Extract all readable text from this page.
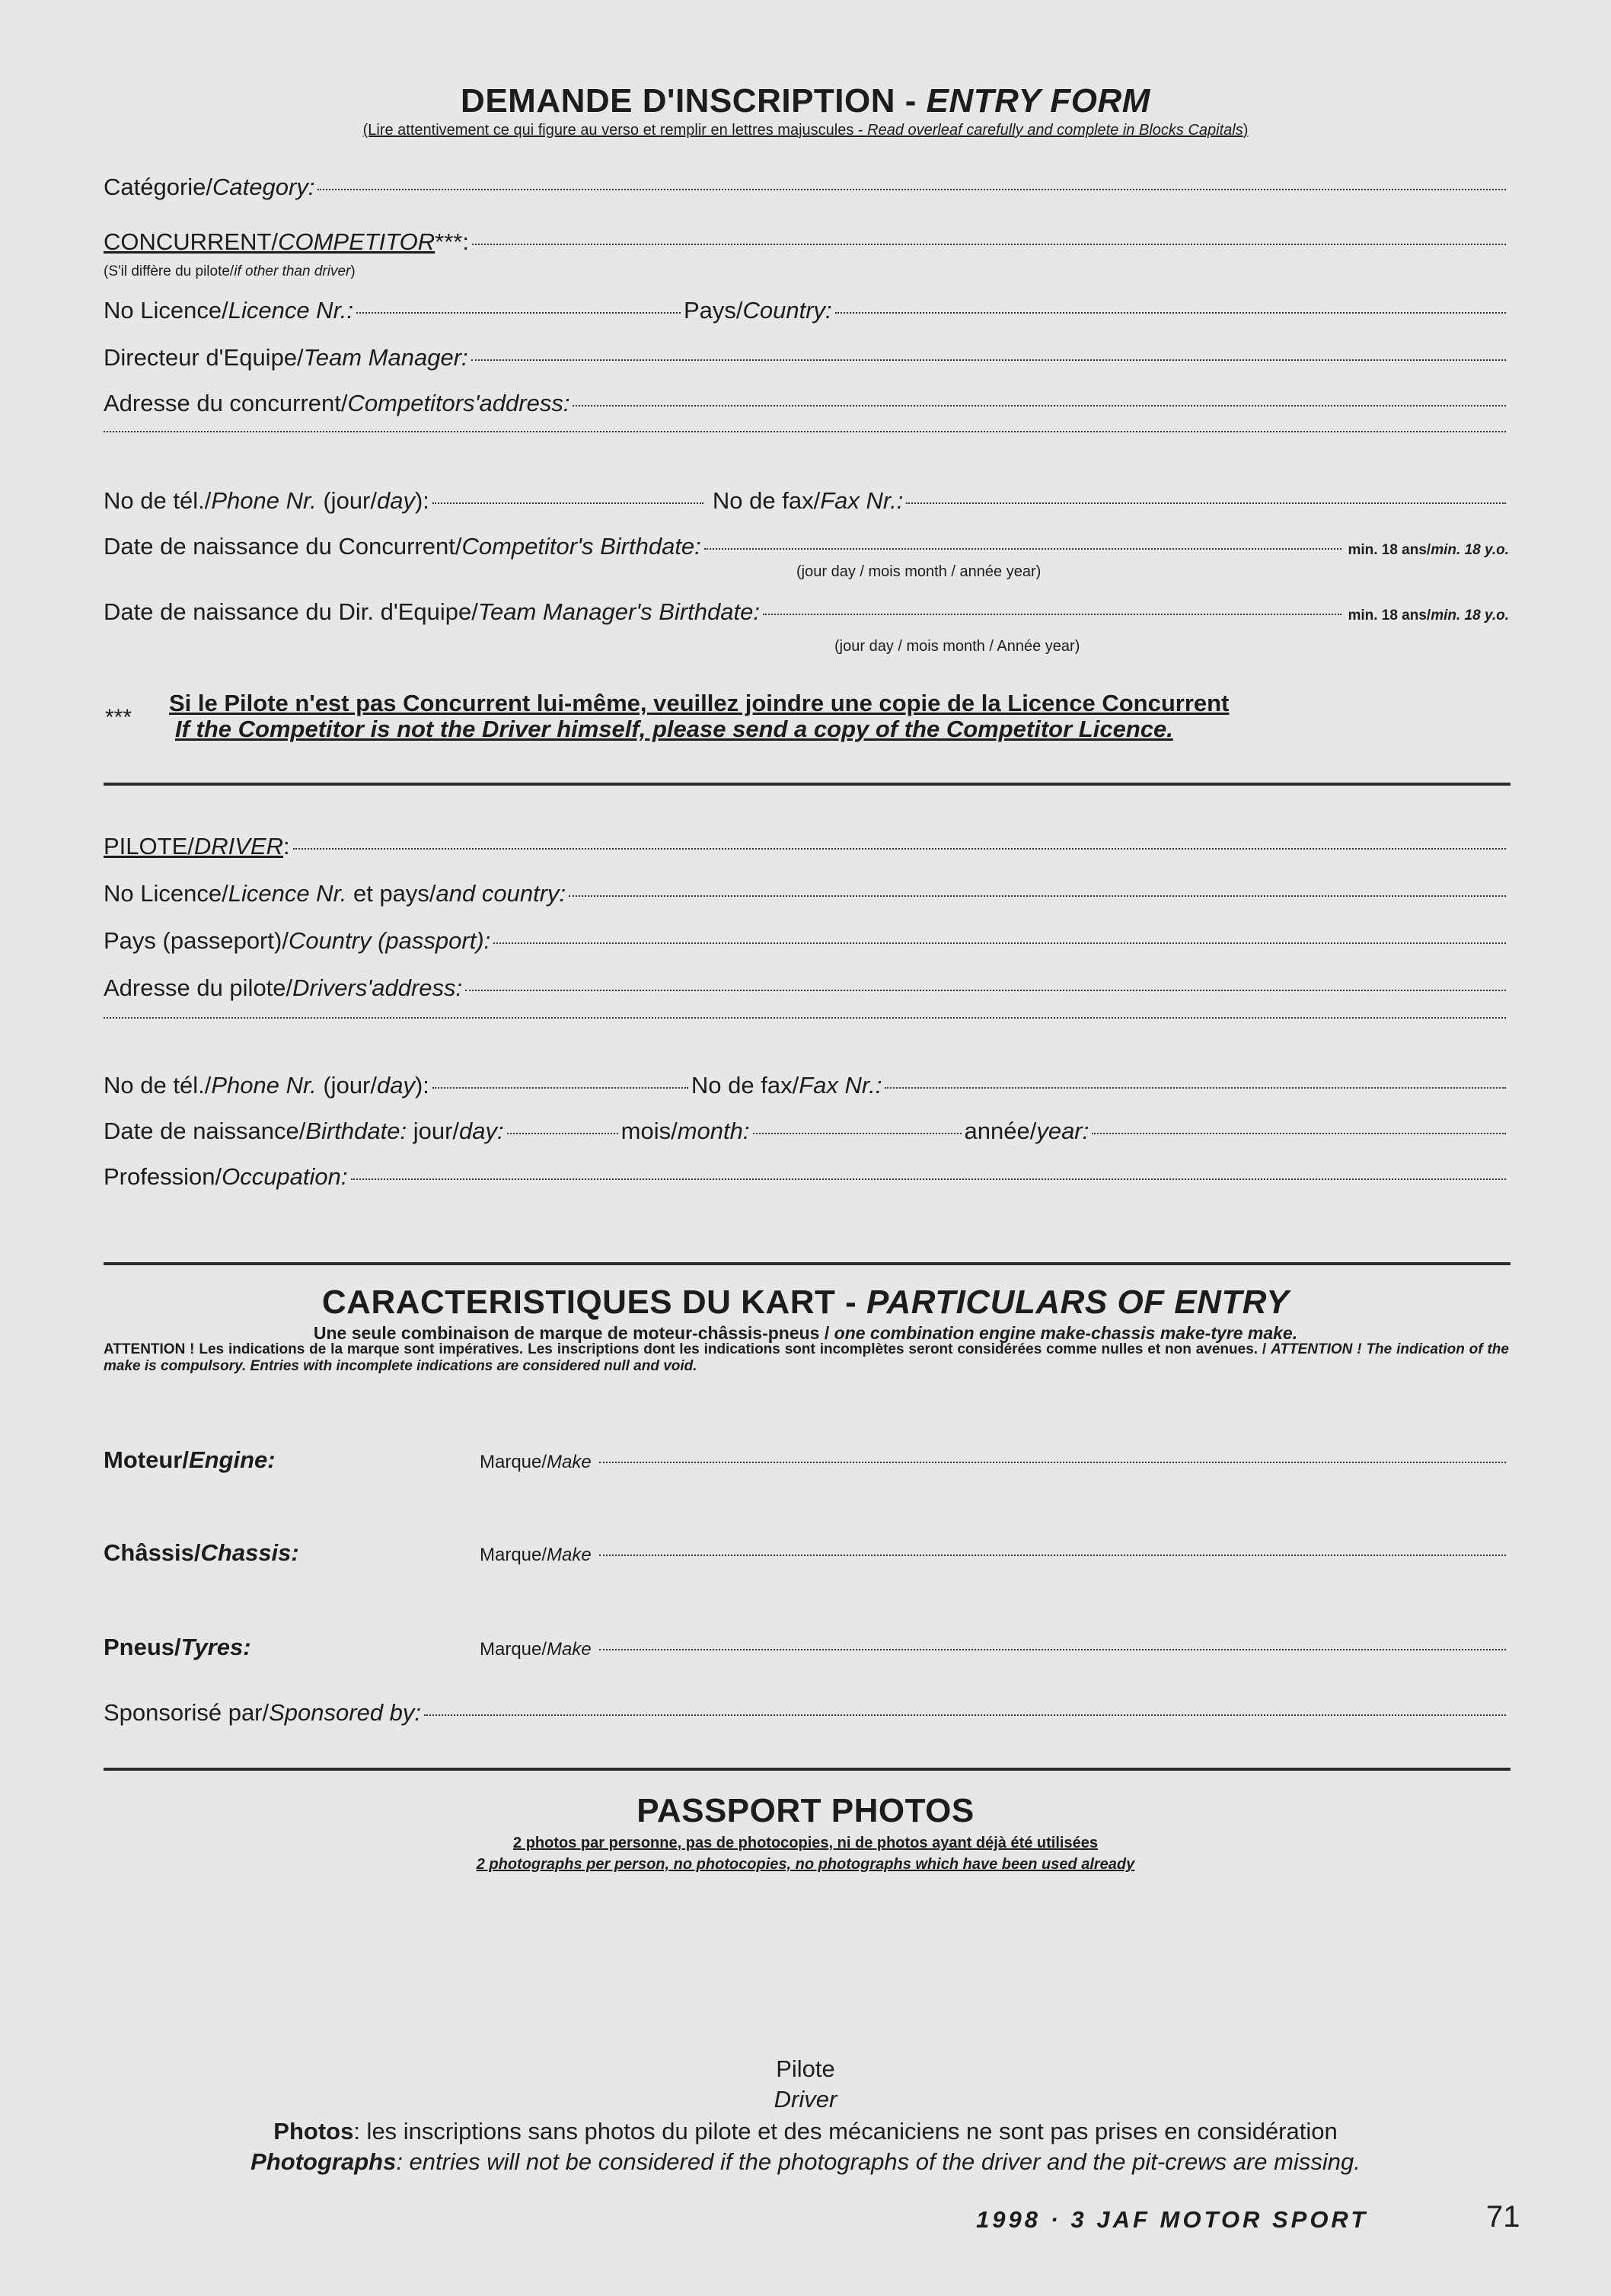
DEMANDE D'INSCRIPTION - ENTRY FORM
(Lire attentivement ce qui figure au verso et remplir en lettres majuscules - Read overleaf carefully and complete in Blocks Capitals)
Catégorie/Category:
CONCURRENT/COMPETITOR ***:
(S'il diffère du pilote/if other than driver)
No Licence/Licence Nr.:	Pays/Country:
Directeur d'Equipe/Team Manager:
Adresse du concurrent/Competitors'address:
No de tél./Phone Nr. (jour/day):	No de fax/Fax Nr.:
Date de naissance du Concurrent/Competitor's Birthdate:	min. 18 ans/min. 18 y.o.
(jour day / mois month / année year)
Date de naissance du Dir. d'Equipe/Team Manager's Birthdate:	min. 18 ans/min. 18 y.o.
(jour day / mois month / Année year)
***
Si le Pilote n'est pas Concurrent lui-même, veuillez joindre une copie de la Licence Concurrent
If the Competitor is not the Driver himself, please send a copy of the Competitor Licence.
PILOTE/DRIVER :
No Licence/Licence Nr. et pays/and country:
Pays (passeport)/Country (passport):
Adresse du pilote/Drivers'address:
No de tél./Phone Nr. (jour/day):	No de fax/Fax Nr.:
Date de naissance/Birthdate: jour/day:	mois/month:	année/year:
Profession/Occupation:
CARACTERISTIQUES DU KART - PARTICULARS OF ENTRY
Une seule combinaison de marque de moteur-châssis-pneus / one combination engine make-chassis make-tyre make.
ATTENTION ! Les indications de la marque sont impératives. Les inscriptions dont les indications sont incomplètes seront considérées comme nulles et non avenues. / ATTENTION ! The indication of the make is compulsory. Entries with incomplete indications are considered null and void.
Moteur/Engine:	Marque/Make
Châssis/Chassis:	Marque/Make
Pneus/Tyres:	Marque/Make
Sponsorisé par/Sponsored by:
PASSPORT PHOTOS
2 photos par personne, pas de photocopies, ni de photos ayant déjà été utilisées
2 photographs per person, no photocopies, no photographs which have been used already
Pilote
Driver
Photos: les inscriptions sans photos du pilote et des mécaniciens ne sont pas prises en considération
Photographs: entries will not be considered if the photographs of the driver and the pit-crews are missing.
1998 · 3 JAF MOTOR SPORT	71
